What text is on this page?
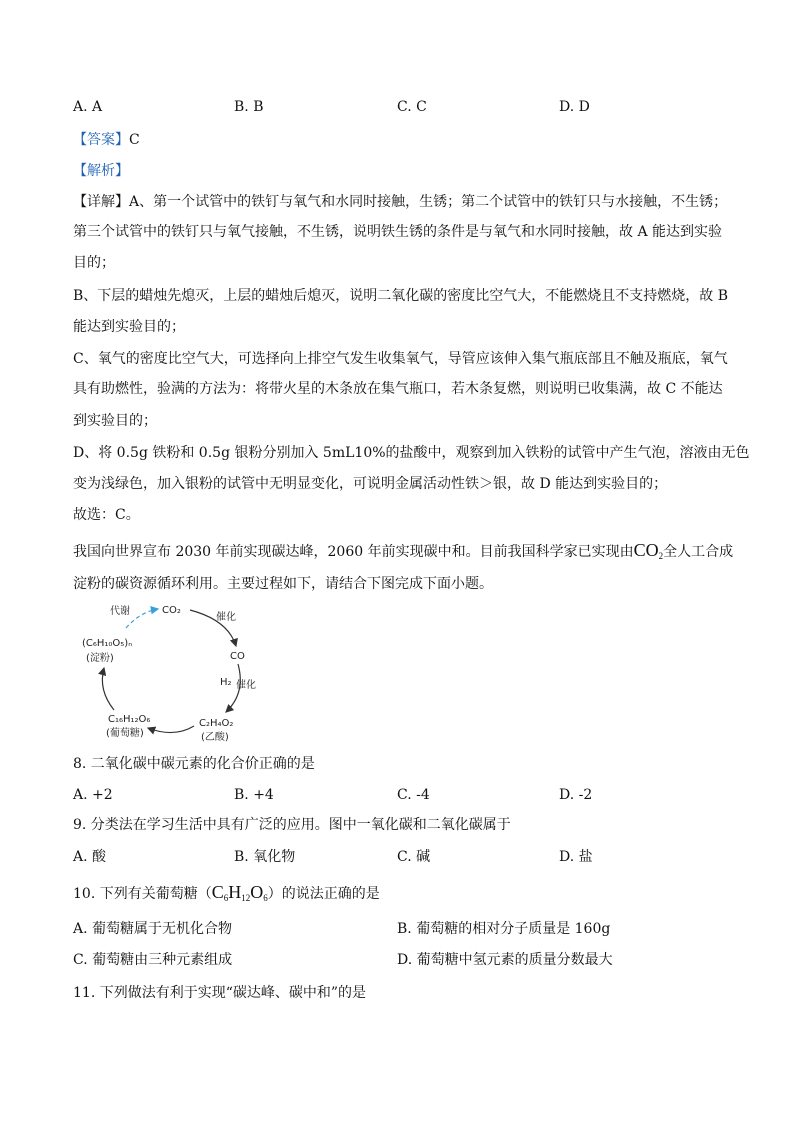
A. A	B. B	C. C	D. D
【答案】C
【解析】
【详解】A、第一个试管中的铁钉与氧气和水同时接触，生锈；第二个试管中的铁钉只与水接触，不生锈；
第三个试管中的铁钉只与氧气接触，不生锈，说明铁生锈的条件是与氧气和水同时接触，故 A 能达到实验
目的；
B、下层的蜡烛先熄灭，上层的蜡烛后熄灭，说明二氧化碳的密度比空气大，不能燃烧且不支持燃烧，故 B
能达到实验目的；
C、氧气的密度比空气大，可选择向上排空气发生收集氧气，导管应该伸入集气瓶底部且不触及瓶底，氧气
具有助燃性，验满的方法为：将带火星的木条放在集气瓶口，若木条复燃，则说明已收集满，故 C 不能达
到实验目的；
D、将 0.5g 铁粉和 0.5g 银粉分别加入 5mL10%的盐酸中，观察到加入铁粉的试管中产生气泡，溶液由无色
变为浅绿色，加入银粉的试管中无明显变化，可说明金属活动性铁＞银，故 D 能达到实验目的；
故选：C。
我国向世界宣布 2030 年前实现碳达峰，2060 年前实现碳中和。目前我国科学家已实现由$CO_2$全人工合成
淀粉的碳资源循环利用。主要过程如下，请结合下图完成下面小题。
CO₂
代谢
催化
CO
H₂ 催化
C₂H₄O₂
(乙酸)
C₁₆H₁₂O₆
(葡萄糖)
(C₆H₁₀O₅)ₙ
(淀粉)
8. 二氧化碳中碳元素的化合价正确的是
A. +2	B. +4	C. -4	D. -2
9. 分类法在学习生活中具有广泛的应用。图中一氧化碳和二氧化碳属于
A. 酸	B. 氧化物	C. 碱	D. 盐
10. 下列有关葡萄糖$(C_6H_{12}O_6)$的说法正确的是
A. 葡萄糖属于无机化合物	B. 葡萄糖的相对分子质量是 160g
C. 葡萄糖由三种元素组成	D. 葡萄糖中氢元素的质量分数最大
11. 下列做法有利于实现“碳达峰、碳中和”的是
